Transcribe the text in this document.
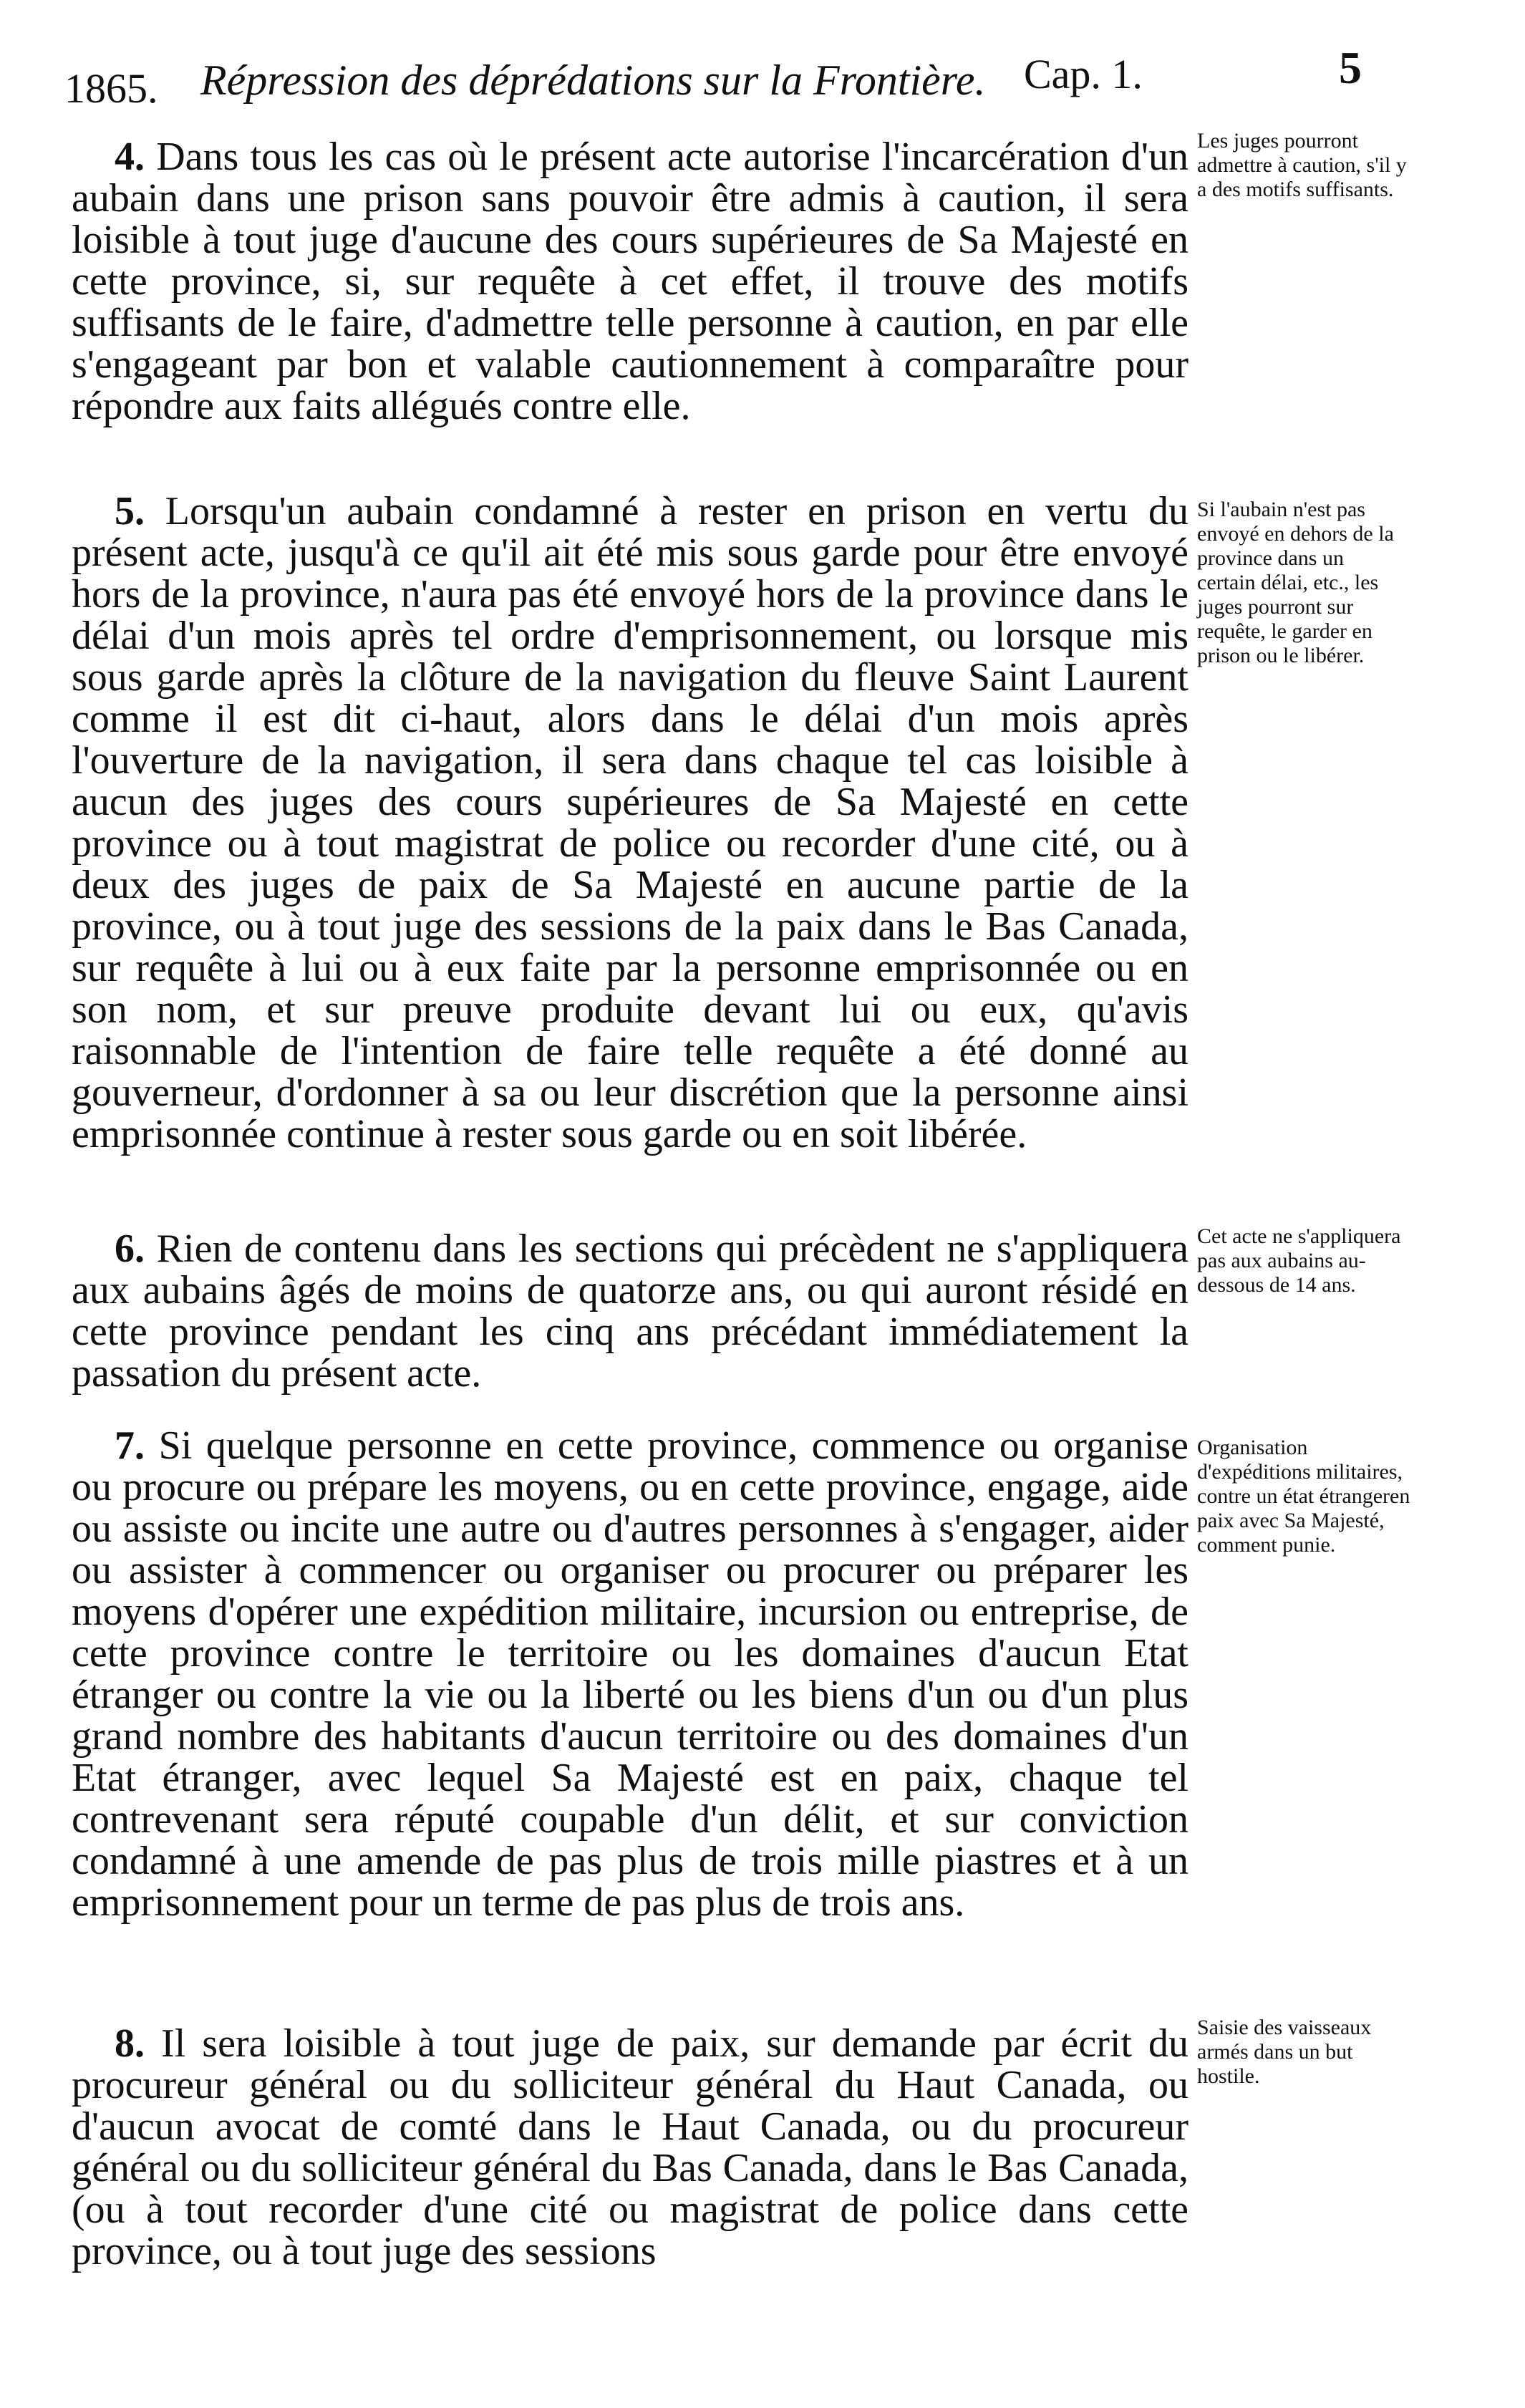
1865. Répression des déprédations sur la Frontière. Cap. 1.	5

4. Dans tous les cas où le présent acte autorise l'incarcération d'un aubain dans une prison sans pouvoir être admis à caution, il sera loisible à tout juge d'aucune des cours supérieures de Sa Majesté en cette province, si, sur requête à cet effet, il trouve des motifs suffisants de le faire, d'admettre telle personne à caution, en par elle s'engageant par bon et valable cautionnement à comparaître pour répondre aux faits allégués contre elle.

Les juges pourront admettre à caution, s'il y a des motifs suffisants.

5. Lorsqu'un aubain condamné à rester en prison en vertu du présent acte, jusqu'à ce qu'il ait été mis sous garde pour être envoyé hors de la province, n'aura pas été envoyé hors de la province dans le délai d'un mois après tel ordre d'emprisonnement, ou lorsque mis sous garde après la clôture de la navigation du fleuve Saint Laurent comme il est dit ci-haut, alors dans le délai d'un mois après l'ouverture de la navigation, il sera dans chaque tel cas loisible à aucun des juges des cours supérieures de Sa Majesté en cette province ou à tout magistrat de police ou recorder d'une cité, ou à deux des juges de paix de Sa Majesté en aucune partie de la province, ou à tout juge des sessions de la paix dans le Bas Canada, sur requête à lui ou à eux faite par la personne emprisonnée ou en son nom, et sur preuve produite devant lui ou eux, qu'avis raisonnable de l'intention de faire telle requête a été donné au gouverneur, d'ordonner à sa ou leur discrétion que la personne ainsi emprisonnée continue à rester sous garde ou en soit libérée.

Si l'aubain n'est pas envoyé en dehors de la province dans un certain délai, etc., les juges pourront sur requête, le garder en prison ou le libérer.

6. Rien de contenu dans les sections qui précèdent ne s'appliquera aux aubains âgés de moins de quatorze ans, ou qui auront résidé en cette province pendant les cinq ans précédant immédiatement la passation du présent acte.

Cet acte ne s'appliquera pas aux aubains au-dessous de 14 ans.

7. Si quelque personne en cette province, commence ou organise ou procure ou prépare les moyens, ou en cette province, engage, aide ou assiste ou incite une autre ou d'autres personnes à s'engager, aider ou assister à commencer ou organiser ou procurer ou préparer les moyens d'opérer une expédition militaire, incursion ou entreprise, de cette province contre le territoire ou les domaines d'aucun Etat étranger ou contre la vie ou la liberté ou les biens d'un ou d'un plus grand nombre des habitants d'aucun territoire ou des domaines d'un Etat étranger, avec lequel Sa Majesté est en paix, chaque tel contrevenant sera réputé coupable d'un délit, et sur conviction condamné à une amende de pas plus de trois mille piastres et à un emprisonnement pour un terme de pas plus de trois ans.

Organisation d'expéditions militaires, contre un état étrangeren paix avec Sa Majesté, comment punie.

8. Il sera loisible à tout juge de paix, sur demande par écrit du procureur général ou du solliciteur général du Haut Canada, ou d'aucun avocat de comté dans le Haut Canada, ou du procureur général ou du solliciteur général du Bas Canada, dans le Bas Canada, (ou à tout recorder d'une cité ou magistrat de police dans cette province, ou à tout juge des sessions

Saisie des vaisseaux armés dans un but hostile.
